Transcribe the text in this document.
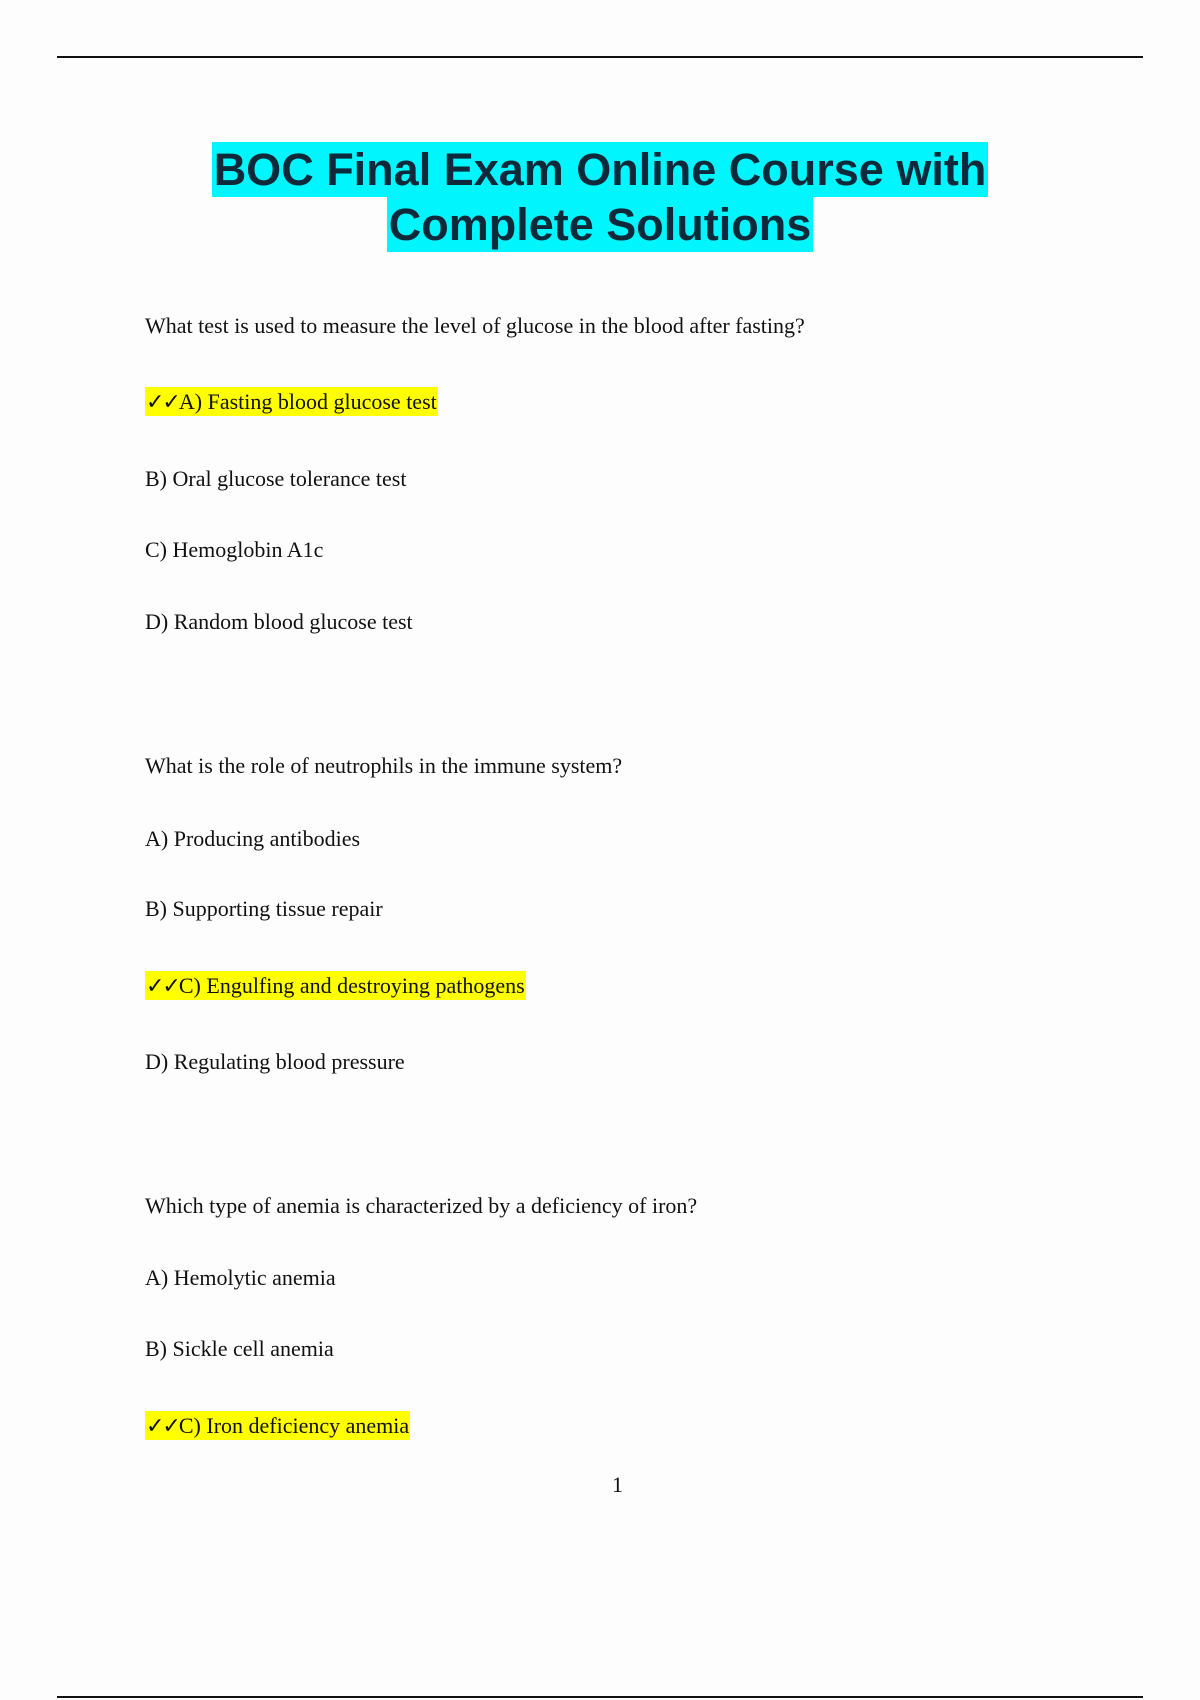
BOC Final Exam Online Course with
Complete Solutions
What test is used to measure the level of glucose in the blood after fasting?
✓✓A) Fasting blood glucose test
B) Oral glucose tolerance test
C) Hemoglobin A1c
D) Random blood glucose test
What is the role of neutrophils in the immune system?
A) Producing antibodies
B) Supporting tissue repair
✓✓C) Engulfing and destroying pathogens
D) Regulating blood pressure
Which type of anemia is characterized by a deficiency of iron?
A) Hemolytic anemia
B) Sickle cell anemia
✓✓C) Iron deficiency anemia
1
